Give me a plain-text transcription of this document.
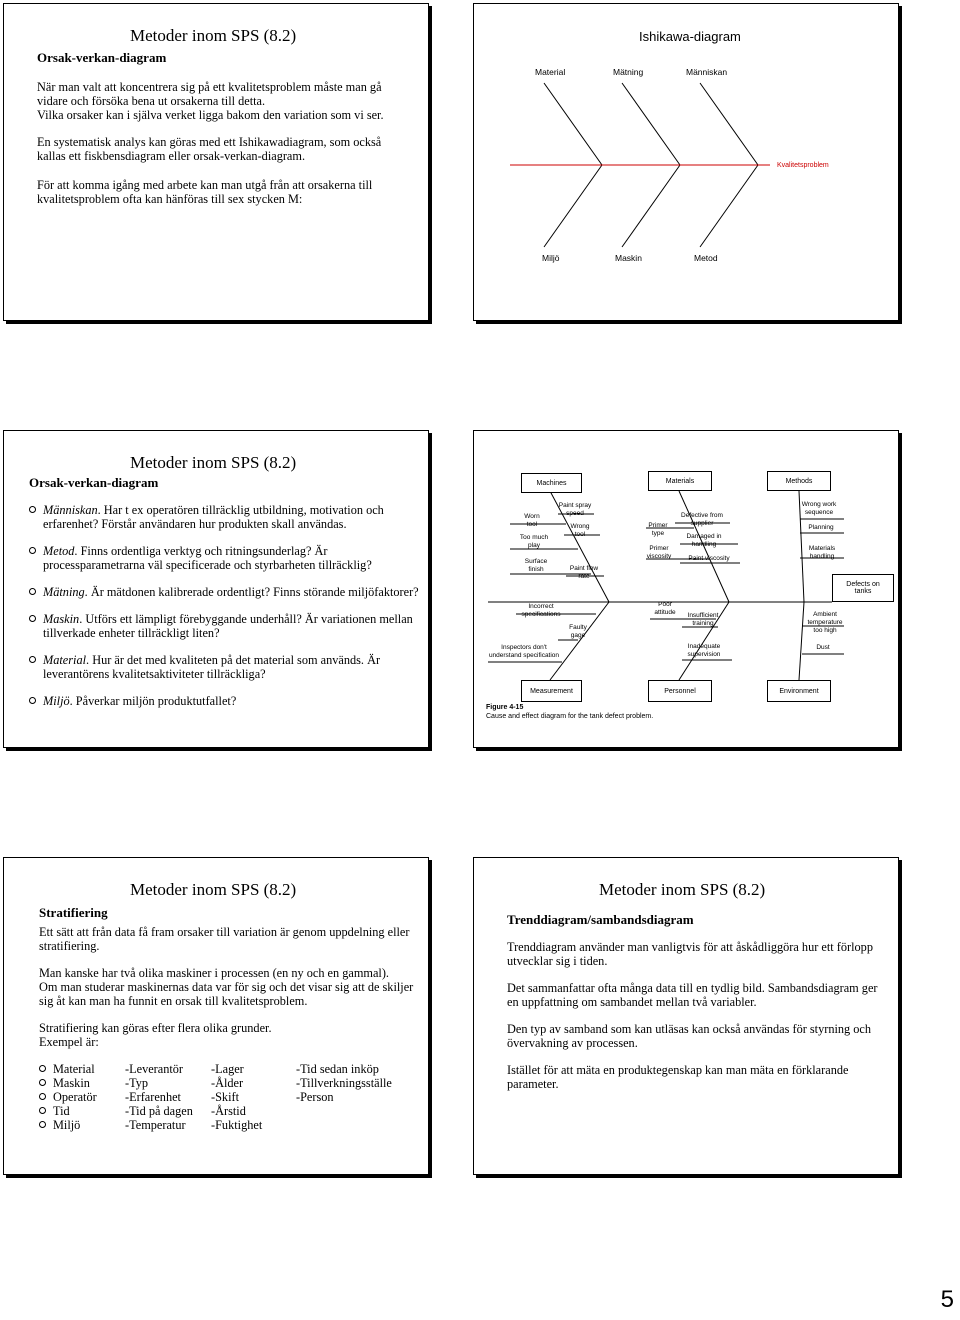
Metoder inom SPS (8.2)
Orsak-verkan-diagram
När man valt att koncentrera sig på ett kvalitetsproblem måste man gå
vidare och försöka bena ut orsakerna till detta.
Vilka orsaker kan i själva verket ligga bakom den variation som vi ser.
En systematisk analys kan göras med ett Ishikawadiagram, som också
kallas ett fiskbensdiagram eller orsak-verkan-diagram.
För att komma igång med arbete kan man utgå från att orsakerna till
kvalitetsproblem ofta kan hänföras till sex stycken M:
Ishikawa-diagram
Material	Mätning	Människan
Miljö	Maskin	Metod
Kvalitetsproblem
Metoder inom SPS (8.2)
Orsak-verkan-diagram
Människan. Har t ex operatören tillräcklig utbildning, motivation och
erfarenhet? Förstår användaren hur produkten skall användas.
Metod. Finns ordentliga verktyg och ritningsunderlag? Är
processparametrarna väl specificerade och styrbarheten tillräcklig?
Mätning. Är mätdonen kalibrerade ordentligt? Finns störande miljöfaktorer?
Maskin. Utförs ett lämpligt förebyggande underhåll? Är variationen mellan
tillverkade enheter tillräckligt liten?
Material. Hur är det med kvaliteten på det material som används. Är
leverantörens kvalitetsaktiviteter tillräckliga?
Miljö. Påverkar miljön produktutfallet?
Machines	Materials	Methods
Measurement	Personnel	Environment
Defects on
tanks
Worn
tool
Too much
play
Surface
finish
Paint spray
speed
Wrong
tool
Paint flow
rate
Primer
type
Primer
viscosity
Defective from
supplier
Damaged in
handling
Paint viscosity
Wrong work
sequence
Planning
Materials
handling
Incorrect
specifications
Faulty
gage
Inspectors don't
understand specification
Poor
attitude	Insufficient
training
Inadequate
supervision
Ambient
temperature
too high
Dust
Figure 4-15
Cause and effect diagram for the tank defect problem.
Metoder inom SPS (8.2)
Stratifiering
Ett sätt att från data få fram orsaker till variation är genom uppdelning eller
stratifiering.
Man kanske har två olika maskiner i processen (en ny och en gammal).
Om man studerar maskinernas data var för sig och det visar sig att de skiljer
sig åt kan man ha funnit en orsak till kvalitetsproblem.
Stratifiering kan göras efter flera olika grunder.
Exempel är:
Material -Leverantör -Lager	-Tid sedan inköp
Maskin	-Typ	-Ålder	-Tillverkningsställe
Operatör -Erfarenhet -Skift	-Person
Tid	-Tid på dagen -Årstid
Miljö	-Temperatur -Fuktighet
Metoder inom SPS (8.2)
Trenddiagram/sambandsdiagram
Trenddiagram använder man vanligtvis för att åskådliggöra hur ett förlopp
utvecklar sig i tiden.
Det sammanfattar ofta många data till en tydlig bild. Sambandsdiagram ger
en uppfattning om sambandet mellan två variabler.
Den typ av samband som kan utläsas kan också användas för styrning och
övervakning av processen.
Istället för att mäta en produktegenskap kan man mäta en förklarande
parameter.
5
